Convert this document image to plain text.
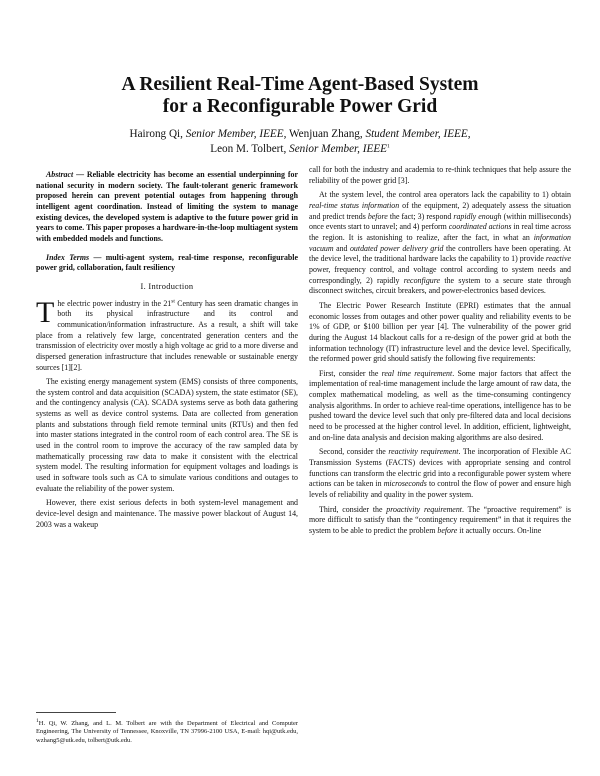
A Resilient Real-Time Agent-Based System
for a Reconfigurable Power Grid
Hairong Qi, Senior Member, IEEE, Wenjuan Zhang, Student Member, IEEE,
Leon M. Tolbert, Senior Member, IEEE$^1$

Abstract — Reliable electricity has become an essential underpinning for national security in modern society. The fault-tolerant generic framework proposed herein can prevent potential outages from happening through intelligent agent coordination. Instead of limiting the system to manage existing devices, the developed system is adaptive to the future power grid in years to come. This paper proposes a hardware-in-the-loop multiagent system with embedded models and functions.

Index Terms — multi-agent system, real-time response, reconfigurable power grid, collaboration, fault resiliency

I. Introduction

The electric power industry in the 21st Century has seen dramatic changes in both its physical infrastructure and its control and communication/information infrastructure. As a result, a shift will take place from a relatively few large, concentrated generation centers and the transmission of electricity over mostly a high voltage ac grid to a more diverse and dispersed generation infrastructure that includes renewable or sustainable energy sources [1][2].

The existing energy management system (EMS) consists of three components, the system control and data acquisition (SCADA) system, the state estimator (SE), and the contingency analysis (CA). SCADA systems serve as both data gathering systems as well as device control systems. Data are collected from generation plants and substations through field remote terminal units (RTUs) and then fed into master stations integrated in the control room of each control area. The SE is used in the control room to improve the accuracy of the raw sampled data by mathematically processing raw data to make it consistent with the electrical system model. The resulting information for equipment voltages and loadings is used in software tools such as CA to simulate various conditions and outages to evaluate the reliability of the power system.

However, there exist serious defects in both system-level management and device-level design and maintenance. The massive power blackout of August 14, 2003 was a wakeup

$^1$H. Qi, W. Zhang, and L. M. Tolbert are with the Department of Electrical and Computer Engineering, The University of Tennessee, Knoxville, TN 37996-2100 USA, E-mail: hqi@utk.edu, wzhang5@utk.edu, tolbert@utk.edu.

call for both the industry and academia to re-think techniques that help assure the reliability of the power grid [3].

At the system level, the control area operators lack the capability to 1) obtain real-time status information of the equipment, 2) adequately assess the situation and predict trends before the fact; 3) respond rapidly enough (within milliseconds) once events start to unravel; and 4) perform coordinated actions in real time across the region. It is astonishing to realize, after the fact, in what an information vacuum and outdated power delivery grid the controllers have been operating. At the device level, the traditional hardware lacks the capability to 1) provide reactive power, frequency control, and voltage control according to system needs and correspondingly, 2) rapidly reconfigure the system to a secure state through disconnect switches, circuit breakers, and power-electronics based devices.

The Electric Power Research Institute (EPRI) estimates that the annual economic losses from outages and other power quality and reliability events to be 1% of GDP, or $100 billion per year [4]. The vulnerability of the power grid during the August 14 blackout calls for a re-design of the power grid at both the information technology (IT) infrastructure level and the device level. Specifically, the reformed power grid should satisfy the following five requirements:

First, consider the real time requirement. Some major factors that affect the implementation of real-time management include the large amount of raw data, the complex mathematical modeling, as well as the time-consuming contingency analysis algorithms. In order to achieve real-time operations, intelligence has to be pushed toward the device level such that only pre-filtered data and local decisions need to be processed at the higher control level. In addition, efficient, lightweight, and on-line data analysis and decision making algorithms are also desired.

Second, consider the reactivity requirement. The incorporation of Flexible AC Transmission Systems (FACTS) devices with appropriate sensing and control functions can transform the electric grid into a reconfigurable power system where actions can be taken in microseconds to control the flow of power and ensure high levels of reliability and quality in the power system.

Third, consider the proactivity requirement. The “proactive requirement” is more difficult to satisfy than the “contingency requirement” in that it requires the system to be able to predict the problem before it actually occurs. On-line
